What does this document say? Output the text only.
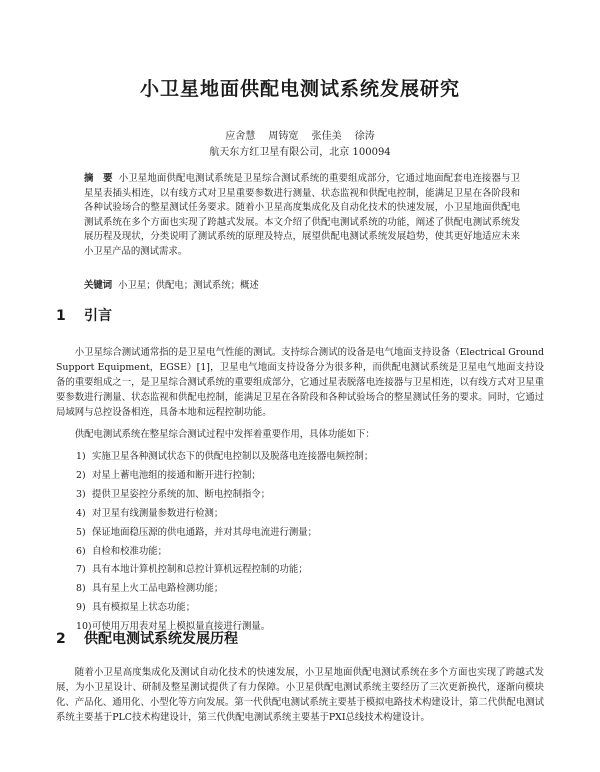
小卫星地面供配电测试系统发展研究
应舍慧 周铸宽 张佳美 徐涛
航天东方红卫星有限公司，北京 100094
摘　要 小卫星地面供配电测试系统是卫星综合测试系统的重要组成部分，它通过地面配套电连接器与卫星星表插头相连，以有线方式对卫星重要参数进行测量、状态监视和供配电控制，能满足卫星在各阶段和各种试验场合的整星测试任务要求。随着小卫星高度集成化及自动化技术的快速发展，小卫星地面供配电测试系统在多个方面也实现了跨越式发展。本文介绍了供配电测试系统的功能，阐述了供配电测试系统发展历程及现状，分类说明了测试系统的原理及特点，展望供配电测试系统发展趋势，使其更好地适应未来小卫星产品的测试需求。
关键词 小卫星；供配电；测试系统；概述
1 引言
小卫星综合测试通常指的是卫星电气性能的测试。支持综合测试的设备是电气地面支持设备（Electrical Ground Support Equipment，EGSE）[1]，卫星电气地面支持设备分为很多种，而供配电测试系统是卫星电气地面支持设备的重要组成之一，是卫星综合测试系统的重要组成部分，它通过星表脱落电连接器与卫星相连，以有线方式对卫星重要参数进行测量、状态监视和供配电控制，能满足卫星在各阶段和各种试验场合的整星测试任务的要求。同时，它通过局域网与总控设备相连，具备本地和远程控制功能。
供配电测试系统在整星综合测试过程中发挥着重要作用，具体功能如下：
1) 实施卫星各种测试状态下的供配电控制以及脱落电连接器电频控制；
2) 对星上蓄电池组的接通和断开进行控制；
3) 提供卫星姿控分系统的加、断电控制指令；
4) 对卫星有线测量参数进行检测；
5) 保证地面稳压源的供电通路，并对其母电流进行测量；
6) 自检和校准功能；
7) 具有本地计算机控制和总控计算机远程控制的功能；
8) 具有星上火工品电路检测功能；
9) 具有模拟星上状态功能；
10)可使用万用表对星上模拟量直接进行测量。
2 供配电测试系统发展历程
随着小卫星高度集成化及测试自动化技术的快速发展，小卫星地面供配电测试系统在多个方面也实现了跨越式发展，为小卫星设计、研制及整星测试提供了有力保障。小卫星供配电测试系统主要经历了三次更新换代，逐渐向模块化、产品化、通用化、小型化等方向发展。第一代供配电测试系统主要基于模拟电路技术构建设计，第二代供配电测试系统主要基于PLC技术构建设计，第三代供配电测试系统主要基于PXI总线技术构建设计。
